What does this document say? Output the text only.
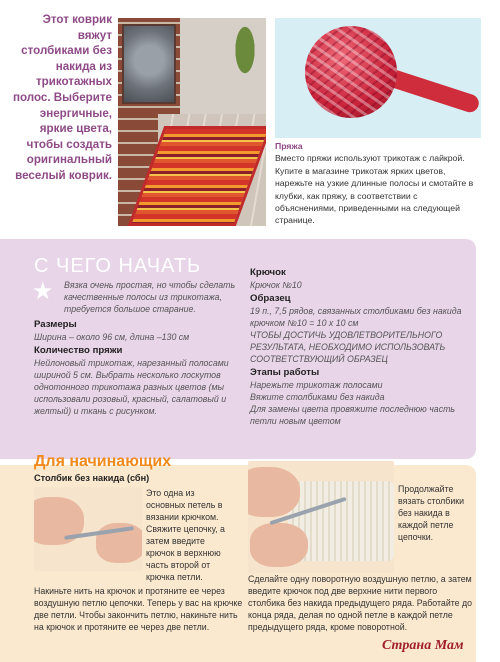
Этот коврик вяжут столбиками без накида из трикотажных полос. Выберите энергичные, яркие цвета, чтобы создать оригинальный веселый коврик.
Пряжа
Вместо пряжи используют трикотаж с лайкрой. Купите в магазине трикотаж ярких цветов, нарежьте на узкие длинные полосы и смотайте в клубки, как пряжу, в соответствии с объяснениями, приведенными на следующей странице.
С ЧЕГО НАЧАТЬ
★	Вязка очень простая, но чтобы сделать качественные полосы из трикотажа, требуется большое старание.
Размеры
Ширина – около 96 см, длина –130 см
Количество пряжи
Нейлоновый трикотаж, нарезанный полосами шириной 5 см. Выбрать несколько лоскутов однотонного трикотажа разных цветов (мы использовали розовый, красный, салатовый и желтый) и ткань с рисунком.
Крючок
Крючок №10
Образец
19 п., 7,5 рядов, связанных столбиками без накида крючком №10 = 10 х 10 см
ЧТОБЫ ДОСТИЧЬ УДОВЛЕТВОРИТЕЛЬНОГО РЕЗУЛЬТАТА, НЕОБХОДИМО ИСПОЛЬЗОВАТЬ СООТВЕТСТВУЮЩИЙ ОБРАЗЕЦ
Этапы работы
Нарежьте трикотаж полосами
Вяжите столбиками без накида
Для замены цвета провяжите последнюю часть петли новым цветом
Для начинающих
Столбик без накида (сбн)
Это одна из основных петель в вязании крючком. Свяжите цепочку, а затем введите крючок в верхнюю часть второй от крючка петли.
Накиньте нить на крючок и протяните ее через воздушную петлю цепочки. Теперь у вас на крючке две петли. Чтобы закончить петлю, накиньте нить на крючок и протяните ее через две петли.
Продолжайте вязать столбики без накида в каждой петле цепочки.
Сделайте одну поворотную воздушную петлю, а затем введите крючок под две верхние нити первого столбика без накида предыдущего ряда. Работайте до конца ряда, делая по одной петле в каждой петле предыдущего ряда, кроме поворотной.
Страна Мам
